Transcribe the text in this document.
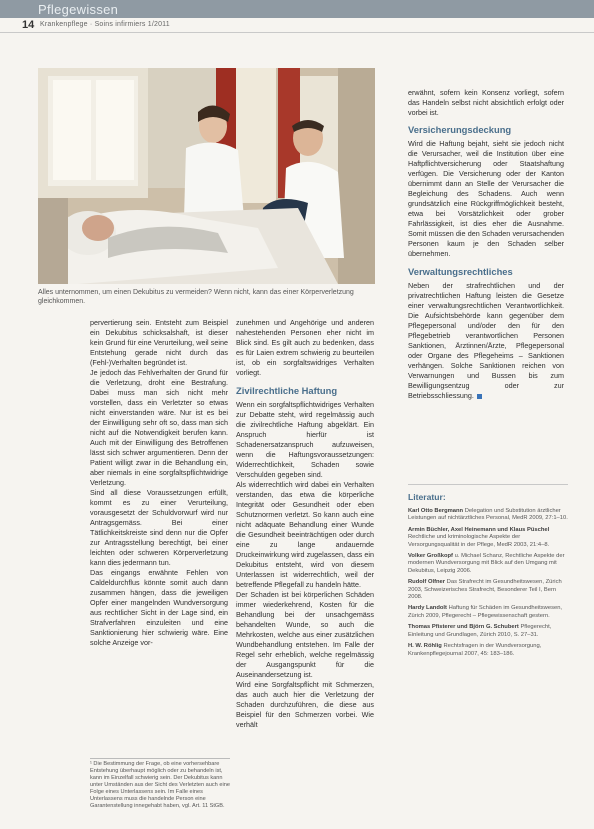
Pflegewissen
14 Krankenpflege · Soins infirmiers 1/2011
Alles unternommen, um einen Dekubitus zu vermeiden? Wenn nicht, kann das einer Körperverletzung gleichkommen.

pervertierung sein. Entsteht zum Beispiel ein Dekubitus schicksalshaft, ist dieser kein Grund für eine Verurteilung, weil seine Entstehung gerade nicht durch das (Fehl-)Verhalten begründet ist.

Je jedoch das Fehlverhalten der Grund für die Verletzung, droht eine Bestrafung. Dabei muss man sich nicht mehr vorstellen, dass ein Verletzter so etwas nicht einverstanden wäre. Nur ist es bei der Einwilligung sehr oft so, dass man sich nicht auf die Notwendigkeit berufen kann. Auch mit der Einwilligung des Betroffenen lässt sich schwer argumentieren. Denn der Patient willigt zwar in die Behandlung ein, aber niemals in eine sorgfaltspflichtwidrige Verletzung.

Sind all diese Voraussetzungen erfüllt, kommt es zu einer Verurteilung, vorausgesetzt der Schuldvorwurf wird nur Antragsgemäss. Bei einer Tätlichkeitskreiste sind denn nur die Opfer zur Antragsstellung berechtigt, bei einer leichten oder schweren Körperverletzung kann dies jedermann tun.

Das eingangs erwähnte Fehlen von Caldeldurchflus könnte somit auch dann zusammen hängen, dass die jeweiligen Opfer einer mangelnden Wundversorgung aus rechtlicher Sicht in der Lage sind, ein Strafverfahren einzuleiten und eine Sanktionierung hier schwierig wäre. Eine solche Anzeige vor-

zunehmen und Angehörige und anderen nahestehenden Personen eher nicht im Blick sind. Es gilt auch zu bedenken, dass es für Laien extrem schwierig zu beurteilen ist, ob ein sorgfaltswidriges Verhalten vorliegt.

Zivilrechtliche Haftung

Wenn ein sorgfaltspflichtwidriges Verhalten zur Debatte steht, wird regelmässig auch die zivilrechtliche Haftung abgeklärt. Ein Anspruch hierfür ist Schadenersatzanspruch aufzuweisen, wenn die Haftungsvoraussetzungen: Widerrechtlichkeit, Schaden sowie Verschulden gegeben sind.

Als widerrechtlich wird dabei ein Verhalten verstanden, das etwa die körperliche Integrität oder Gesundheit oder eben Schutznormen verletzt. So kann auch eine nicht adäquate Behandlung einer Wunde die Gesundheit beeinträchtigen oder durch eine zu lange andauernde Druckeinwirkung wird zugelassen, dass ein Dekubitus entsteht, wird von diesem Unterlassen ist widerrechtlich, weil der betreffende Pflegefall zu handeln hätte.

Der Schaden ist bei körperlichen Schäden immer wiederkehrend, Kosten für die Behandlung bei der unsachgemäss behandelten Wunde, so auch die Mehrkosten, welche aus einer zusätzlichen Wundbehandlung entstehen. Im Falle der Regel sehr erheblich, welche regelmässig der Ausgangspunkt für die Auseinandersetzung ist.

Wird eine Sorgfaltspflicht mit Schmerzen, das auch auch hier die Verletzung der Schaden durchzuführen, die diese aus Beispiel für den Schmerzen vorbei. Wie verhält

erwähnt, sofern kein Konsenz vorliegt, sofern das Handeln selbst nicht absichtlich erfolgt oder vorbei ist.

Versicherungsdeckung

Wird die Haftung bejaht, sieht sie jedoch nicht die Verursacher, weil die Institution über eine Haftpflichtversicherung oder Staatshaftung verfügen. Die Versicherung oder der Kanton übernimmt dann an Stelle der Verursacher die Begleichung des Schadens. Auch wenn grundsätzlich eine Rückgriffmöglichkeit besteht, etwa bei Vorsätzlichkeit oder grober Fahrlässigkeit, ist dies eher die Ausnahme. Somit müssen die den Schaden verursachenden Personen kaum je den Schaden selber übernehmen.

Verwaltungsrechtliches

Neben der strafrechtlichen und der privatrechtlichen Haftung leisten die Gesetze einer verwaltungsrechtlichen Verantwortlichkeit. Die Aufsichtsbehörde kann gegenüber dem Pflegepersonal und/oder den für den Pflegebetrieb verantwortlichen Personen Sanktionen, Ärztinnen/Ärzte, Pflegepersonal oder Organe des Pflegeheims – Sanktionen verhängen. Solche Sanktionen reichen von Verwarnungen und Bussen bis zum Bewilligungsentzug oder zur Betriebsschliessung.

¹ Die Bestimmung der Frage, ob eine vorhersehbare Entstehung überhaupt möglich oder zu behandeln ist, kann im Einzelfall schwierig sein. Der Dekubitus kann unter Umständen aus der Sicht des Verletzten auch eine Folge eines Unterlassens sein. Im Falle eines Unterlassens muss die handelnde Person eine Garantenstellung innegehabt haben, vgl. Art. 11 StGB.
Literatur:
Karl Otto Bergmann Delegation und Substitution ärztlicher Leistungen auf nichtärztliches Personal, MedR 2009, 27:1–10.
Armin Büchler, Axel Heinemann und Klaus Püschel Rechtliche und kriminologische Aspekte der Versorgungsqualität in der Pflege, MedR 2003, 21:4–8.
Volker Großkopf u. Michael Schanz, Rechtliche Aspekte der modernen Wundversorgung mit Blick auf den Umgang mit Dekubitus, Leipzig 2006.
Rudolf Olfner Das Strafrecht im Gesundheitswesen, Zürich 2003, Schweizerisches Strafrecht, Besonderer Teil I, Bern 2008.
Hardy Landolt Haftung für Schäden im Gesundheitswesen, Zürich 2009, Pflegerecht – Pflegewissenschaft gestern.
Thomas Pfisterer und Björn G. Schubert Pflegerecht, Einleitung und Grundlagen, Zürich 2010, S. 27–31.
H. W. Röhlig Rechtsfragen in der Wundversorgung, Krankenpflegejournal 2007, 45: 183–186.
